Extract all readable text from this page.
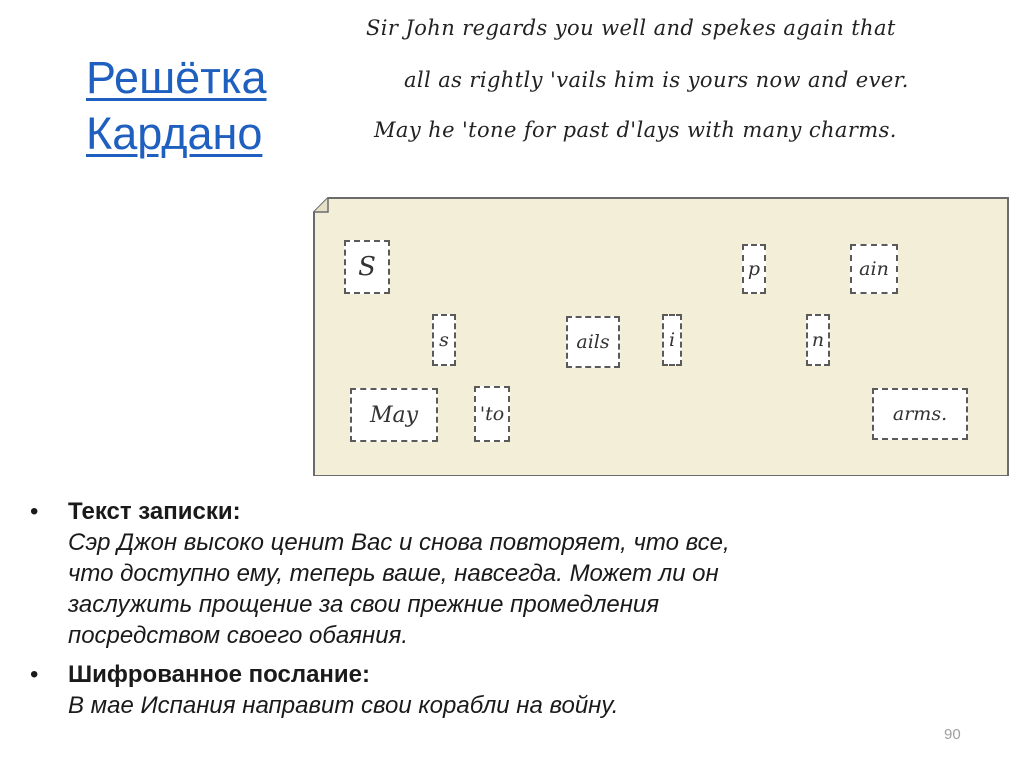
Решётка
Кардано
Sir John regards you well and spekes again that
all as rightly 'vails him is yours now and ever.
May he 'tone for past d'lays with many charms.
S	p	ain
s	ails	i	n
May	'to	arms.
• Текст записки:
Сэр Джон высоко ценит Вас и снова повторяет, что все,
что доступно ему, теперь ваше, навсегда. Может ли он
заслужить прощение за свои прежние промедления
посредством своего обаяния.
• Шифрованное послание:
В мае Испания направит свои корабли на войну.
90
